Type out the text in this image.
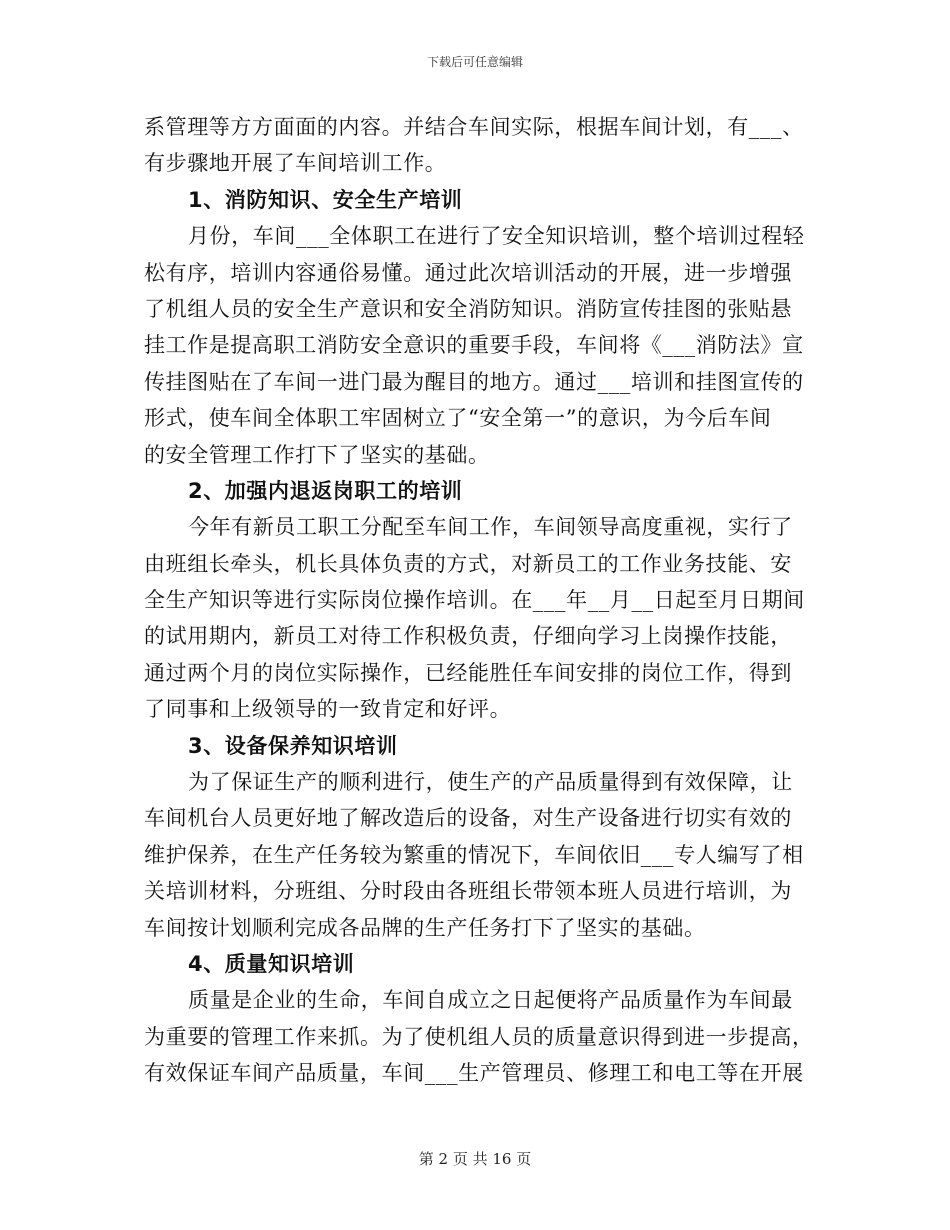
下载后可任意编辑
系管理等方方面面的内容。并结合车间实际，根据车间计划，有___、
有步骤地开展了车间培训工作。
1、消防知识、安全生产培训
月份，车间___全体职工在进行了安全知识培训，整个培训过程轻
松有序，培训内容通俗易懂。通过此次培训活动的开展，进一步增强
了机组人员的安全生产意识和安全消防知识。消防宣传挂图的张贴悬
挂工作是提高职工消防安全意识的重要手段，车间将《___消防法》宣
传挂图贴在了车间一进门最为醒目的地方。通过___培训和挂图宣传的
形式，使车间全体职工牢固树立了“安全第一”的意识，为今后车间
的安全管理工作打下了坚实的基础。
2、加强内退返岗职工的培训
今年有新员工职工分配至车间工作，车间领导高度重视，实行了
由班组长牵头，机长具体负责的方式，对新员工的工作业务技能、安
全生产知识等进行实际岗位操作培训。在___年__月__日起至月日期间
的试用期内，新员工对待工作积极负责，仔细向学习上岗操作技能，
通过两个月的岗位实际操作，已经能胜任车间安排的岗位工作，得到
了同事和上级领导的一致肯定和好评。
3、设备保养知识培训
为了保证生产的顺利进行，使生产的产品质量得到有效保障，让
车间机台人员更好地了解改造后的设备，对生产设备进行切实有效的
维护保养，在生产任务较为繁重的情况下，车间依旧___专人编写了相
关培训材料，分班组、分时段由各班组长带领本班人员进行培训，为
车间按计划顺利完成各品牌的生产任务打下了坚实的基础。
4、质量知识培训
质量是企业的生命，车间自成立之日起便将产品质量作为车间最
为重要的管理工作来抓。为了使机组人员的质量意识得到进一步提高，
有效保证车间产品质量，车间___生产管理员、修理工和电工等在开展
第 2 页 共 16 页
